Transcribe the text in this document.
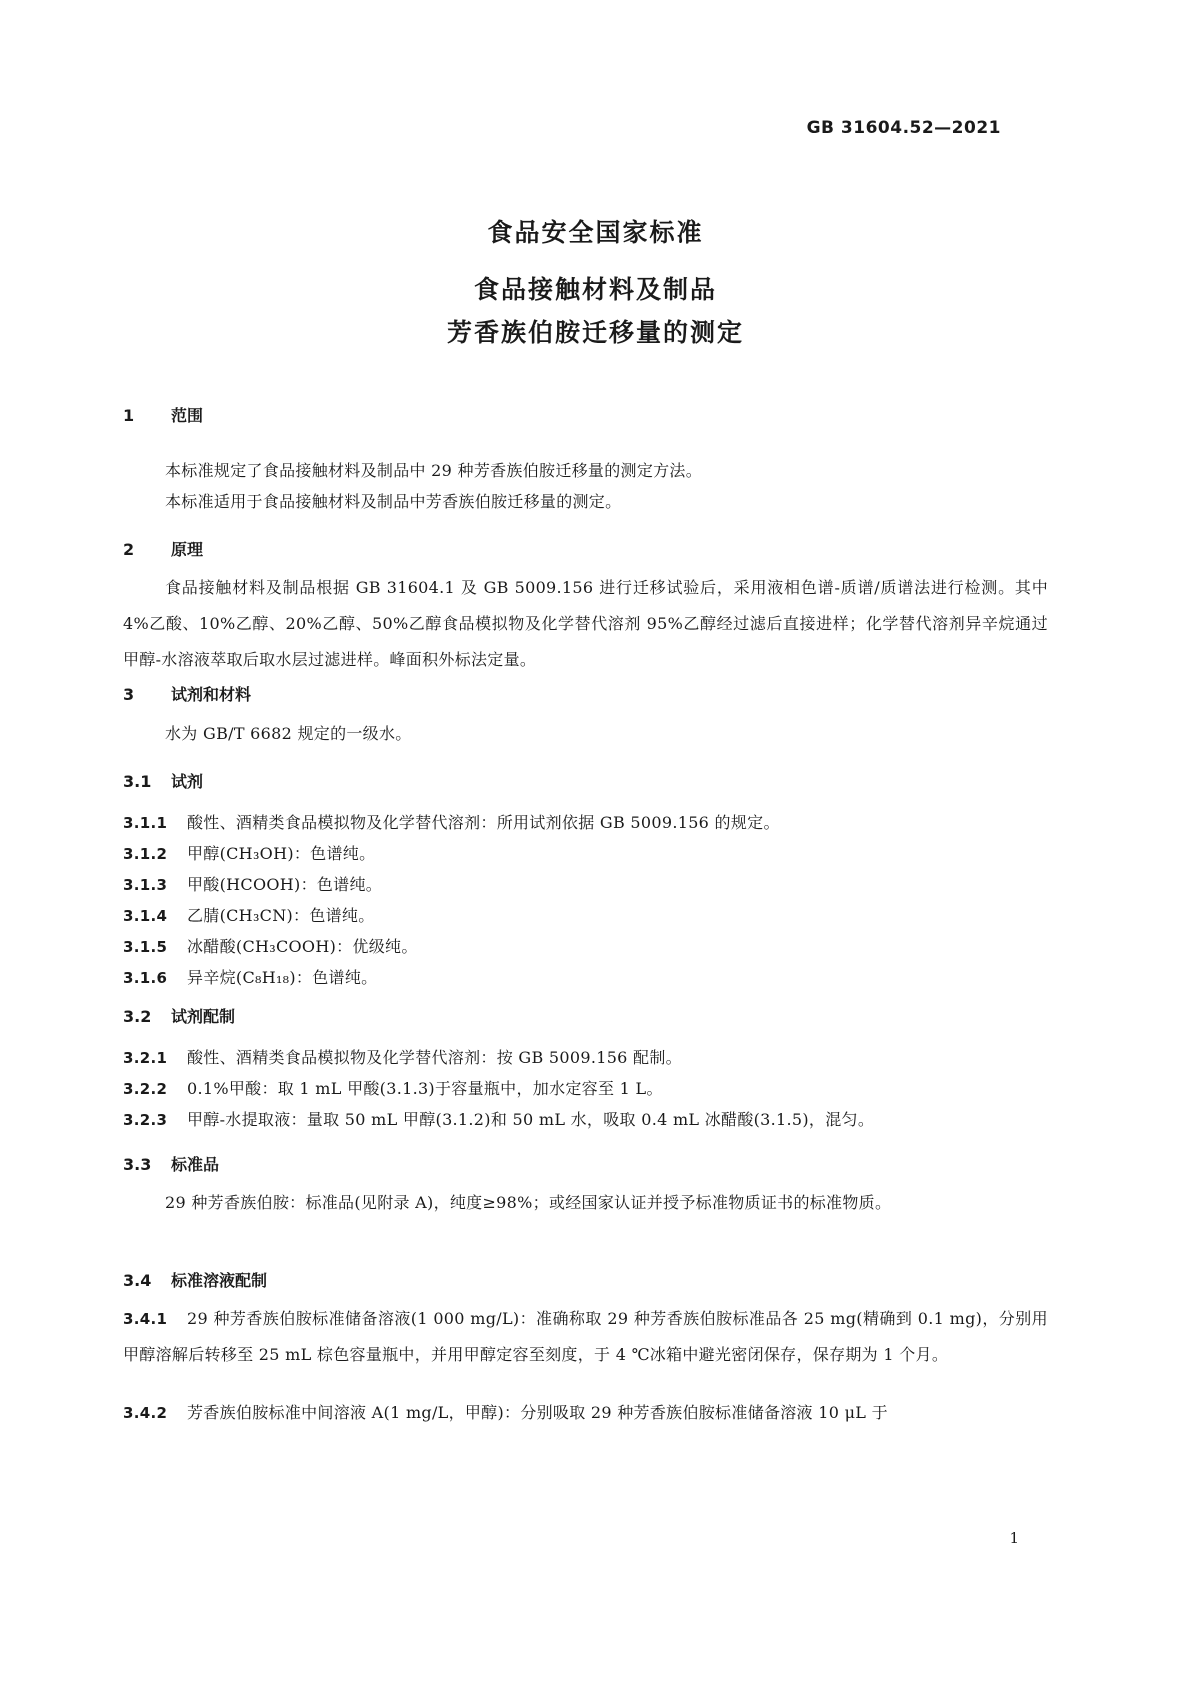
GB 31604.52—2021
食品安全国家标准
食品接触材料及制品
芳香族伯胺迁移量的测定
1 范围
本标准规定了食品接触材料及制品中 29 种芳香族伯胺迁移量的测定方法。
本标准适用于食品接触材料及制品中芳香族伯胺迁移量的测定。
2 原理
食品接触材料及制品根据 GB 31604.1 及 GB 5009.156 进行迁移试验后，采用液相色谱-质谱/质谱法进行检测。其中 4%乙酸、10%乙醇、20%乙醇、50%乙醇食品模拟物及化学替代溶剂 95%乙醇经过滤后直接进样；化学替代溶剂异辛烷通过甲醇-水溶液萃取后取水层过滤进样。峰面积外标法定量。
3 试剂和材料
水为 GB/T 6682 规定的一级水。
3.1 试剂
3.1.1 酸性、酒精类食品模拟物及化学替代溶剂：所用试剂依据 GB 5009.156 的规定。
3.1.2 甲醇(CH₃OH)：色谱纯。
3.1.3 甲酸(HCOOH)：色谱纯。
3.1.4 乙腈(CH₃CN)：色谱纯。
3.1.5 冰醋酸(CH₃COOH)：优级纯。
3.1.6 异辛烷(C₈H₁₈)：色谱纯。
3.2 试剂配制
3.2.1 酸性、酒精类食品模拟物及化学替代溶剂：按 GB 5009.156 配制。
3.2.2 0.1%甲酸：取 1 mL 甲酸(3.1.3)于容量瓶中，加水定容至 1 L。
3.2.3 甲醇-水提取液：量取 50 mL 甲醇(3.1.2)和 50 mL 水，吸取 0.4 mL 冰醋酸(3.1.5)，混匀。
3.3 标准品
29 种芳香族伯胺：标准品(见附录 A)，纯度≥98%；或经国家认证并授予标准物质证书的标准物质。
3.4 标准溶液配制
3.4.1 29 种芳香族伯胺标准储备溶液(1 000 mg/L)：准确称取 29 种芳香族伯胺标准品各 25 mg(精确到 0.1 mg)，分别用甲醇溶解后转移至 25 mL 棕色容量瓶中，并用甲醇定容至刻度，于 4 ℃冰箱中避光密闭保存，保存期为 1 个月。
3.4.2 芳香族伯胺标准中间溶液 A(1 mg/L，甲醇)：分别吸取 29 种芳香族伯胺标准储备溶液 10 μL 于
1
